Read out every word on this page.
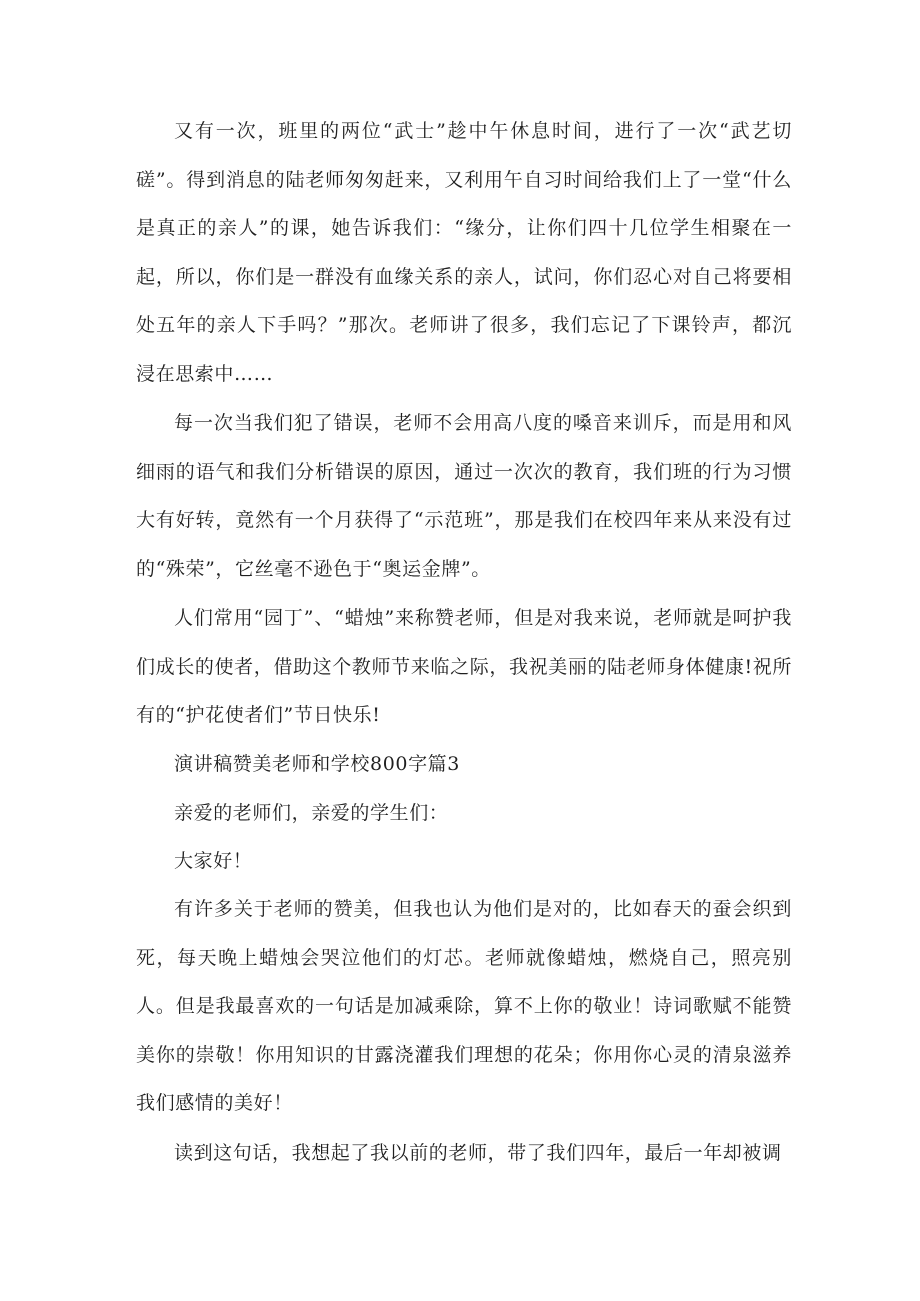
又有一次，班里的两位“武士”趁中午休息时间，进行了一次“武艺切磋”。得到消息的陆老师匆匆赶来，又利用午自习时间给我们上了一堂“什么是真正的亲人”的课，她告诉我们：“缘分，让你们四十几位学生相聚在一起，所以，你们是一群没有血缘关系的亲人，试问，你们忍心对自己将要相处五年的亲人下手吗？”那次。老师讲了很多，我们忘记了下课铃声，都沉浸在思索中……

每一次当我们犯了错误，老师不会用高八度的嗓音来训斥，而是用和风细雨的语气和我们分析错误的原因，通过一次次的教育，我们班的行为习惯大有好转，竟然有一个月获得了“示范班”，那是我们在校四年来从来没有过的“殊荣”，它丝毫不逊色于“奥运金牌”。

人们常用“园丁”、“蜡烛”来称赞老师，但是对我来说，老师就是呵护我们成长的使者，借助这个教师节来临之际，我祝美丽的陆老师身体健康!祝所有的“护花使者们”节日快乐!

演讲稿赞美老师和学校800字篇3

亲爱的老师们，亲爱的学生们：

大家好！

有许多关于老师的赞美，但我也认为他们是对的，比如春天的蚕会织到死，每天晚上蜡烛会哭泣他们的灯芯。老师就像蜡烛，燃烧自己，照亮别人。但是我最喜欢的一句话是加减乘除，算不上你的敬业！诗词歌赋不能赞美你的崇敬！你用知识的甘露浇灌我们理想的花朵；你用你心灵的清泉滋养我们感情的美好！

读到这句话，我想起了我以前的老师，带了我们四年，最后一年却被调
